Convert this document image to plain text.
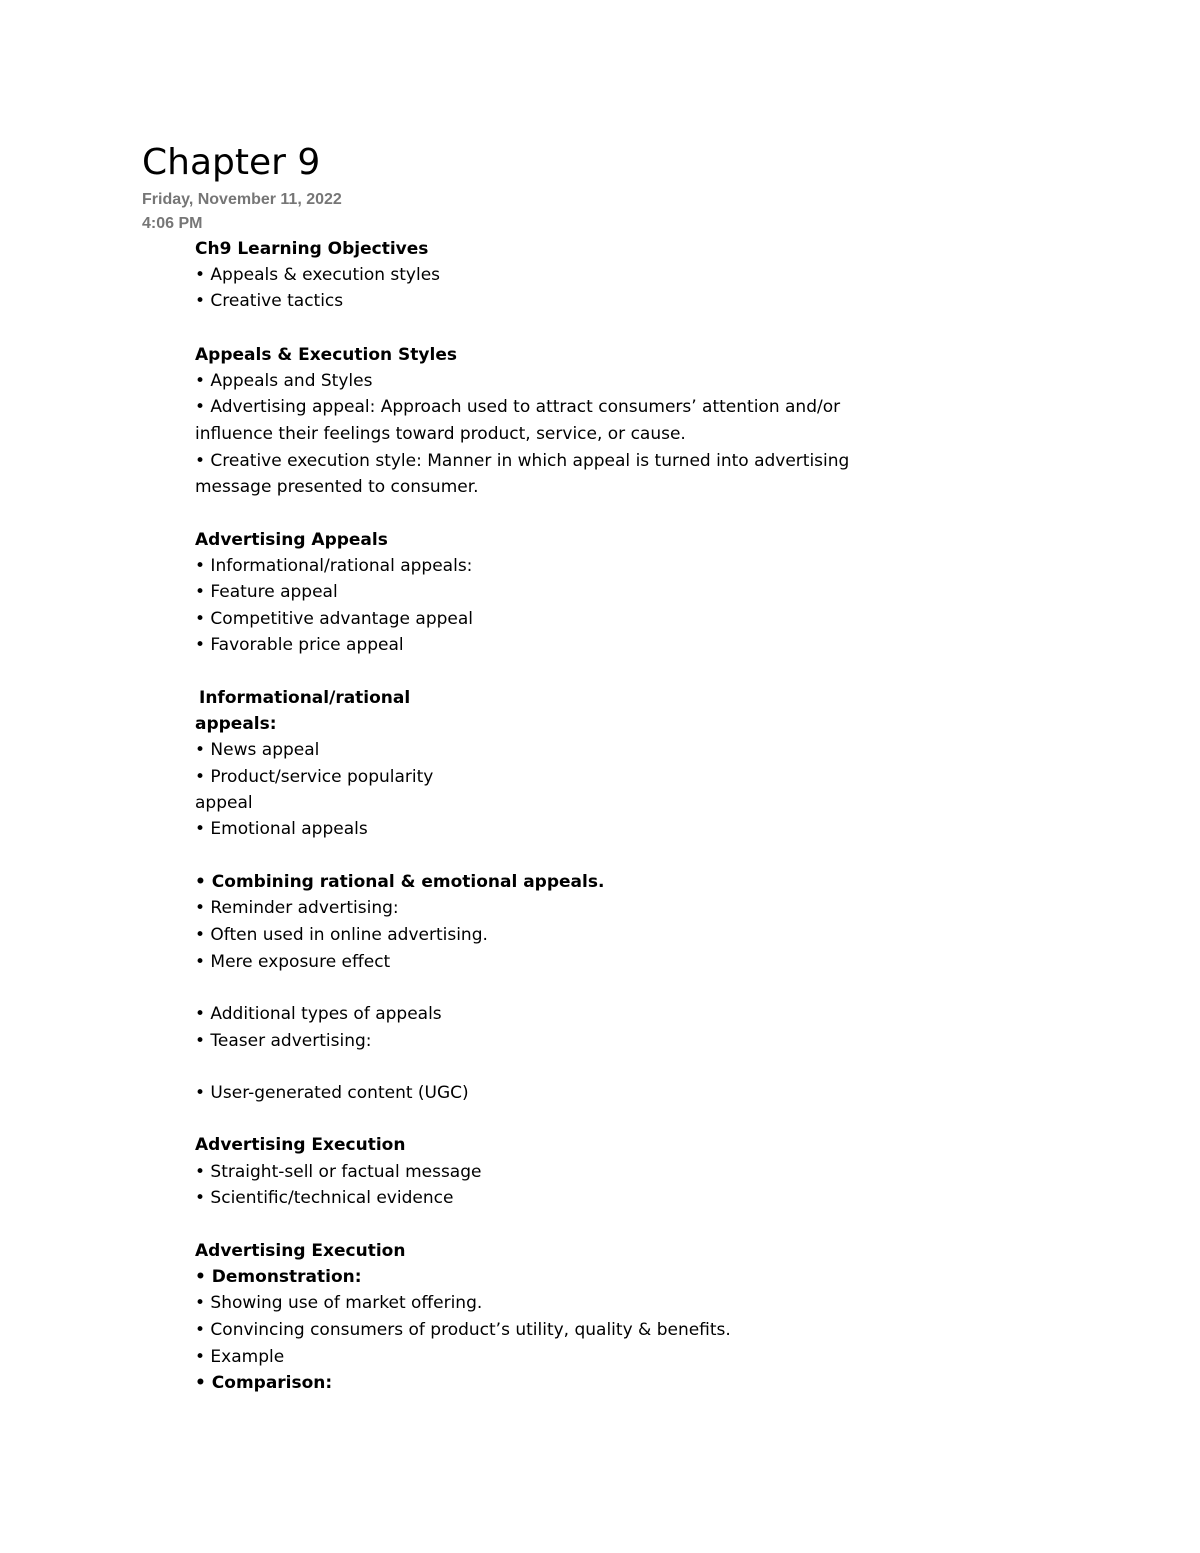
Chapter 9
Friday, November 11, 2022
4:06 PM
Ch9 Learning Objectives
• Appeals & execution styles
• Creative tactics
Appeals & Execution Styles
• Appeals and Styles
• Advertising appeal: Approach used to attract consumers’ attention and/or
influence their feelings toward product, service, or cause.
• Creative execution style: Manner in which appeal is turned into advertising
message presented to consumer.
Advertising Appeals
• Informational/rational appeals:
• Feature appeal
• Competitive advantage appeal
• Favorable price appeal
Informational/rational
appeals:
• News appeal
• Product/service popularity
appeal
• Emotional appeals
• Combining rational & emotional appeals.
• Reminder advertising:
• Often used in online advertising.
• Mere exposure effect
• Additional types of appeals
• Teaser advertising:
• User-generated content (UGC)
Advertising Execution
• Straight-sell or factual message
• Scientific/technical evidence
Advertising Execution
• Demonstration:
• Showing use of market offering.
• Convincing consumers of product’s utility, quality & benefits.
• Example
• Comparison:
